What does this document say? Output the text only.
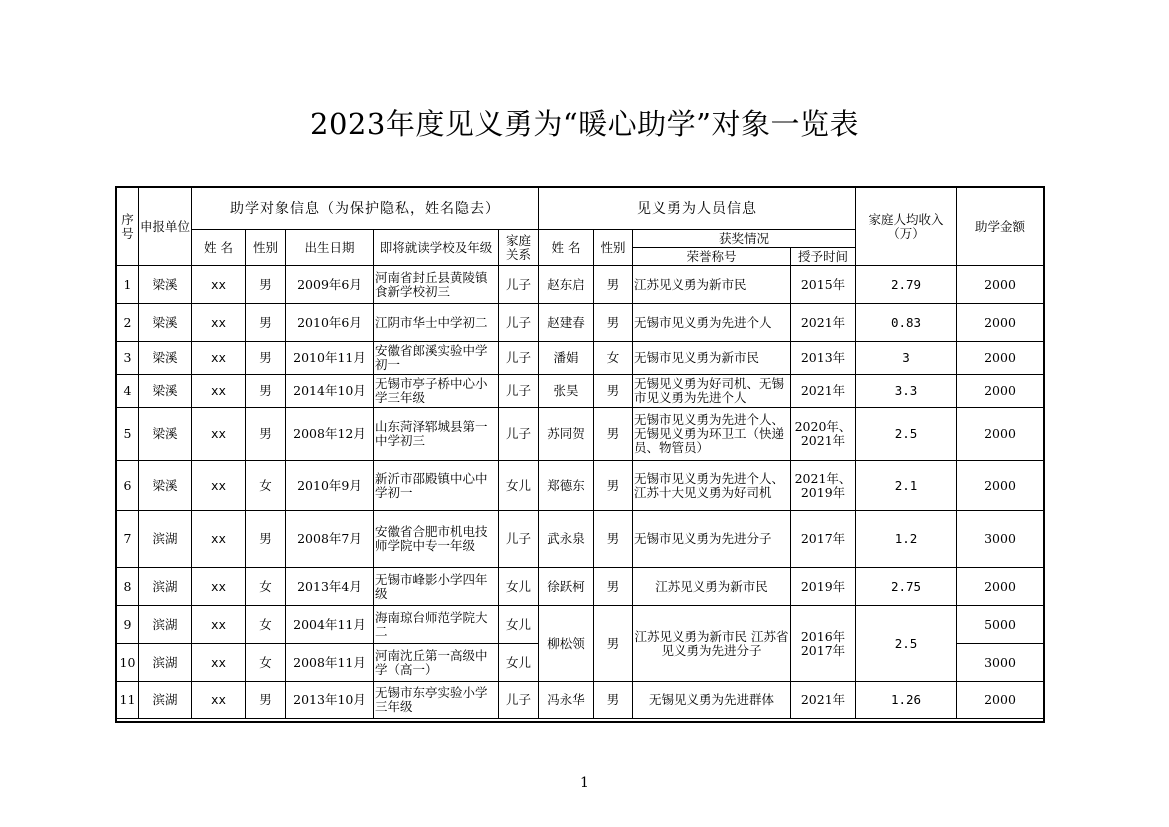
2023年度见义勇为“暖心助学”对象一览表
序号	申报单位	助学对象信息（为保护隐私，姓名隐去）					见义勇为人员信息				家庭人均收入（万）	助学金额
		姓 名	性别	出生日期	即将就读学校及年级	家庭关系	姓 名	性别	获奖情况			
									荣誉称号	授予时间		
1	梁溪	xx	男	2009年6月	河南省封丘县黄陵镇食新学校初三	儿子	赵东启	男	江苏见义勇为新市民	2015年	2.79	2000
2	梁溪	xx	男	2010年6月	江阴市华士中学初二	儿子	赵建春	男	无锡市见义勇为先进个人	2021年	0.83	2000
3	梁溪	xx	男	2010年11月	安徽省郎溪实验中学初一	儿子	潘娟	女	无锡市见义勇为新市民	2013年	3	2000
4	梁溪	xx	男	2014年10月	无锡市亭子桥中心小学三年级	儿子	张昊	男	无锡见义勇为好司机、无锡市见义勇为先进个人	2021年	3.3	2000
5	梁溪	xx	男	2008年12月	山东菏泽郓城县第一中学初三	儿子	苏同贺	男	无锡市见义勇为先进个人、 无锡见义勇为环卫工（快递员、物管员）	2020年、2021年	2.5	2000
6	梁溪	xx	女	2010年9月	新沂市邵殿镇中心中学初一	女儿	郑德东	男	无锡市见义勇为先进个人、江苏十大见义勇为好司机	2021年、2019年	2.1	2000
7	滨湖	xx	男	2008年7月	安徽省合肥市机电技师学院中专一年级	儿子	武永泉	男	无锡市见义勇为先进分子	2017年	1.2	3000
8	滨湖	xx	女	2013年4月	无锡市峰影小学四年级	女儿	徐跃柯	男	江苏见义勇为新市民	2019年	2.75	2000
9	滨湖	xx	女	2004年11月	海南琼台师范学院大二	女儿	柳松领	男	江苏见义勇为新市民 江苏省见义勇为先进分子	2016年2017年	2.5	5000
10	滨湖	xx	女	2008年11月	河南沈丘第一高级中学（高一）	女儿						3000
11	滨湖	xx	男	2013年10月	无锡市东亭实验小学三年级	儿子	冯永华	男	无锡见义勇为先进群体	2021年	1.26	2000
1
